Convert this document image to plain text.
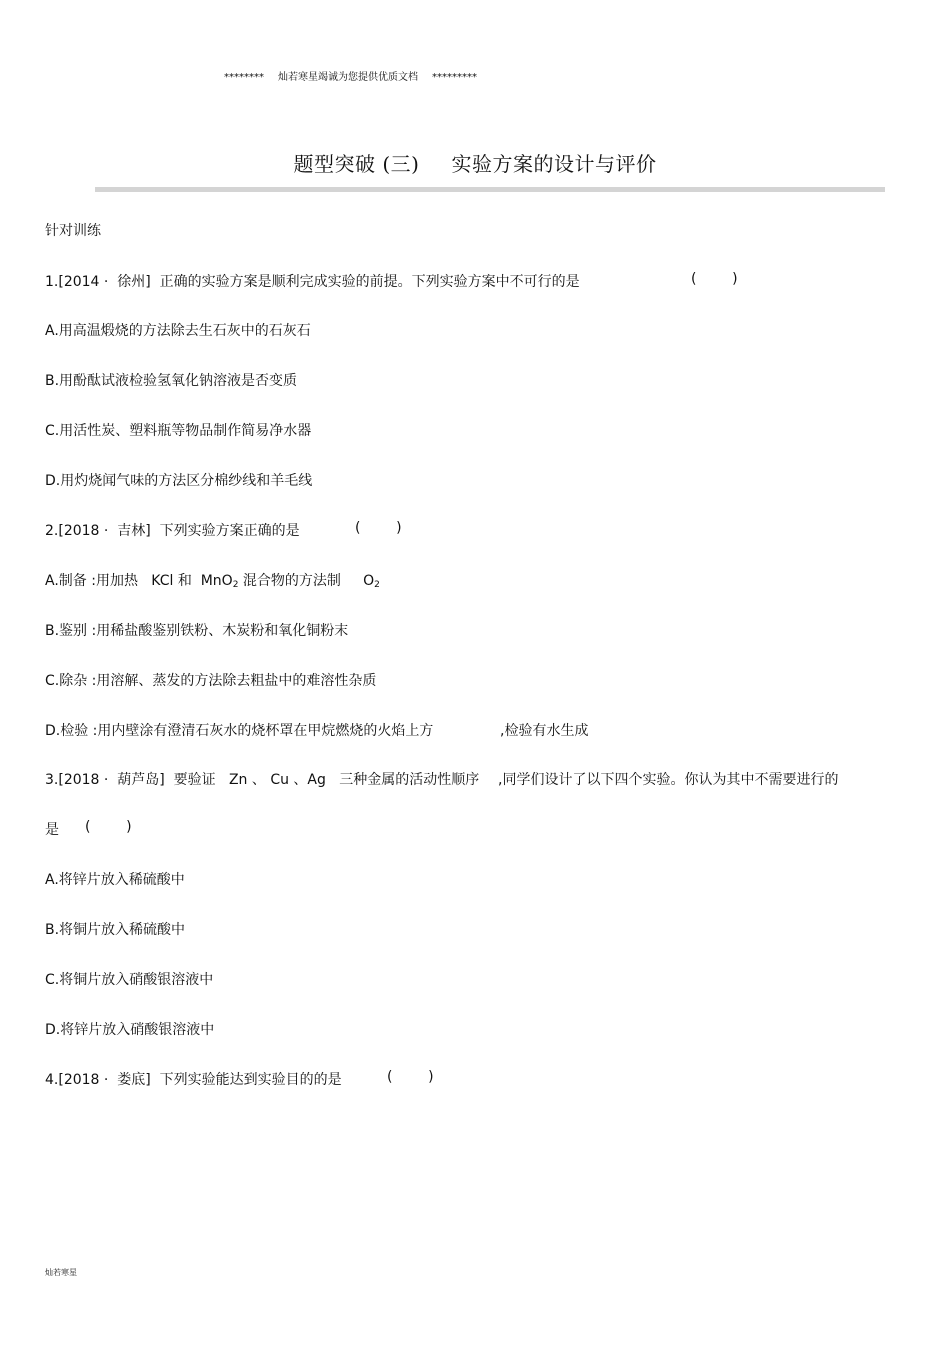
******** 灿若寒星竭诚为您提供优质文档 *********
题型突破 (三) 实验方案的设计与评价
针对训练
1.[2014 ·  徐州]  正确的实验方案是顺利完成实验的前提。下列实验方案中不可行的是	(        )
A.用高温煅烧的方法除去生石灰中的石灰石
B.用酚酞试液检验氢氧化钠溶液是否变质
C.用活性炭、塑料瓶等物品制作简易净水器
D.用灼烧闻气味的方法区分棉纱线和羊毛线
2.[2018 ·  吉林]  下列实验方案正确的是	(        )
A.制备 :用加热   KCl 和  MnO$_2$ 混合物的方法制     $O_2$
B.鉴别 :用稀盐酸鉴别铁粉、木炭粉和氧化铜粉末
C.除杂 :用溶解、蒸发的方法除去粗盐中的难溶性杂质
D.检验 :用内壁涂有澄清石灰水的烧杯罩在甲烷燃烧的火焰上方	,检验有水生成
3.[2018 ·  葫芦岛]  要验证   Zn 、 Cu 、Ag   三种金属的活动性顺序 ,同学们设计了以下四个实验。你认为其中不需要进行的
是 (        )
A.将锌片放入稀硫酸中
B.将铜片放入稀硫酸中
C.将铜片放入硝酸银溶液中
D.将锌片放入硝酸银溶液中
4.[2018 ·  娄底]  下列实验能达到实验目的的是	(        )
灿若寒星
